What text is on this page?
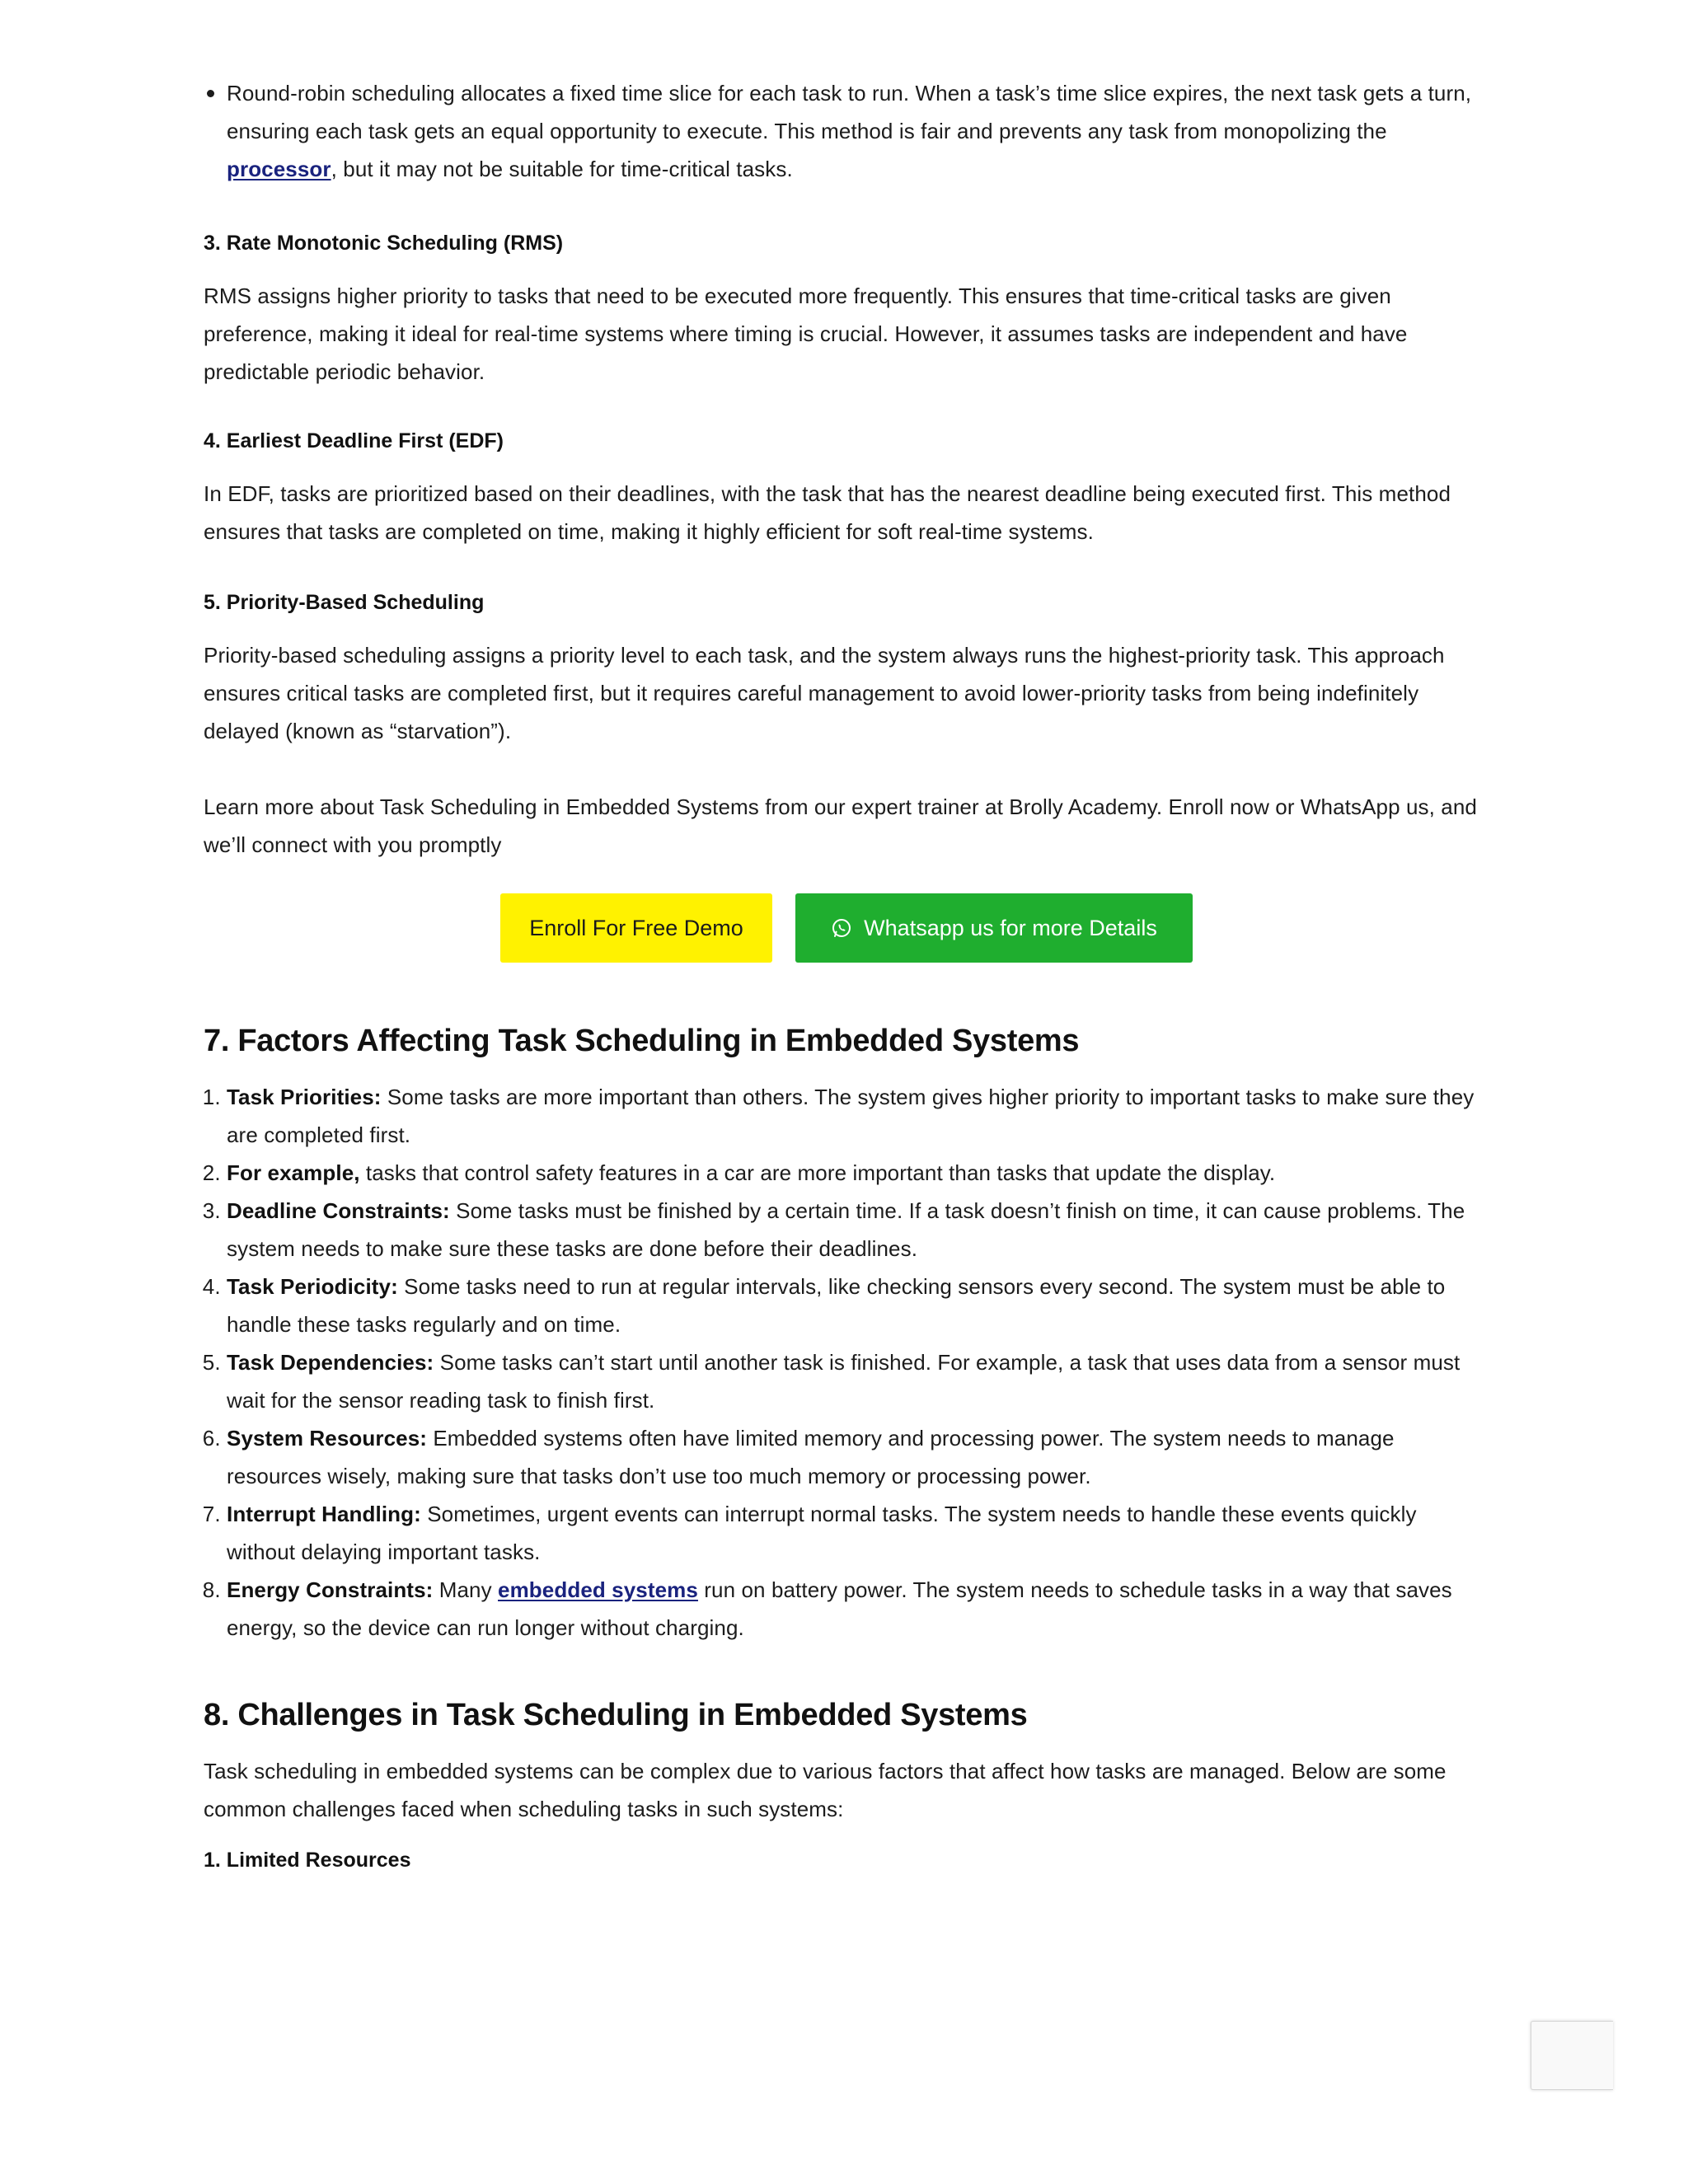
Round-robin scheduling allocates a fixed time slice for each task to run. When a task’s time slice expires, the next task gets a turn, ensuring each task gets an equal opportunity to execute. This method is fair and prevents any task from monopolizing the processor, but it may not be suitable for time-critical tasks.
3. Rate Monotonic Scheduling (RMS)

RMS assigns higher priority to tasks that need to be executed more frequently. This ensures that time-critical tasks are given preference, making it ideal for real-time systems where timing is crucial. However, it assumes tasks are independent and have predictable periodic behavior.

4. Earliest Deadline First (EDF)

In EDF, tasks are prioritized based on their deadlines, with the task that has the nearest deadline being executed first. This method ensures that tasks are completed on time, making it highly efficient for soft real-time systems.

5. Priority-Based Scheduling

Priority-based scheduling assigns a priority level to each task, and the system always runs the highest-priority task. This approach ensures critical tasks are completed first, but it requires careful management to avoid lower-priority tasks from being indefinitely delayed (known as “starvation”).

Learn more about Task Scheduling in Embedded Systems from our expert trainer at Brolly Academy. Enroll now or WhatsApp us, and we’ll connect with you promptly

Enroll For Free Demo	Whatsapp us for more Details
7. Factors Affecting Task Scheduling in Embedded Systems
1. Task Priorities: Some tasks are more important than others. The system gives higher priority to important tasks to make sure they are completed first.
2. For example, tasks that control safety features in a car are more important than tasks that update the display.
3. Deadline Constraints: Some tasks must be finished by a certain time. If a task doesn’t finish on time, it can cause problems. The system needs to make sure these tasks are done before their deadlines.
4. Task Periodicity: Some tasks need to run at regular intervals, like checking sensors every second. The system must be able to handle these tasks regularly and on time.
5. Task Dependencies: Some tasks can’t start until another task is finished. For example, a task that uses data from a sensor must wait for the sensor reading task to finish first.
6. System Resources: Embedded systems often have limited memory and processing power. The system needs to manage resources wisely, making sure that tasks don’t use too much memory or processing power.
7. Interrupt Handling: Sometimes, urgent events can interrupt normal tasks. The system needs to handle these events quickly without delaying important tasks.
8. Energy Constraints: Many embedded systems run on battery power. The system needs to schedule tasks in a way that saves energy, so the device can run longer without charging.
8. Challenges in Task Scheduling in Embedded Systems

Task scheduling in embedded systems can be complex due to various factors that affect how tasks are managed. Below are some common challenges faced when scheduling tasks in such systems:

1. Limited Resources
